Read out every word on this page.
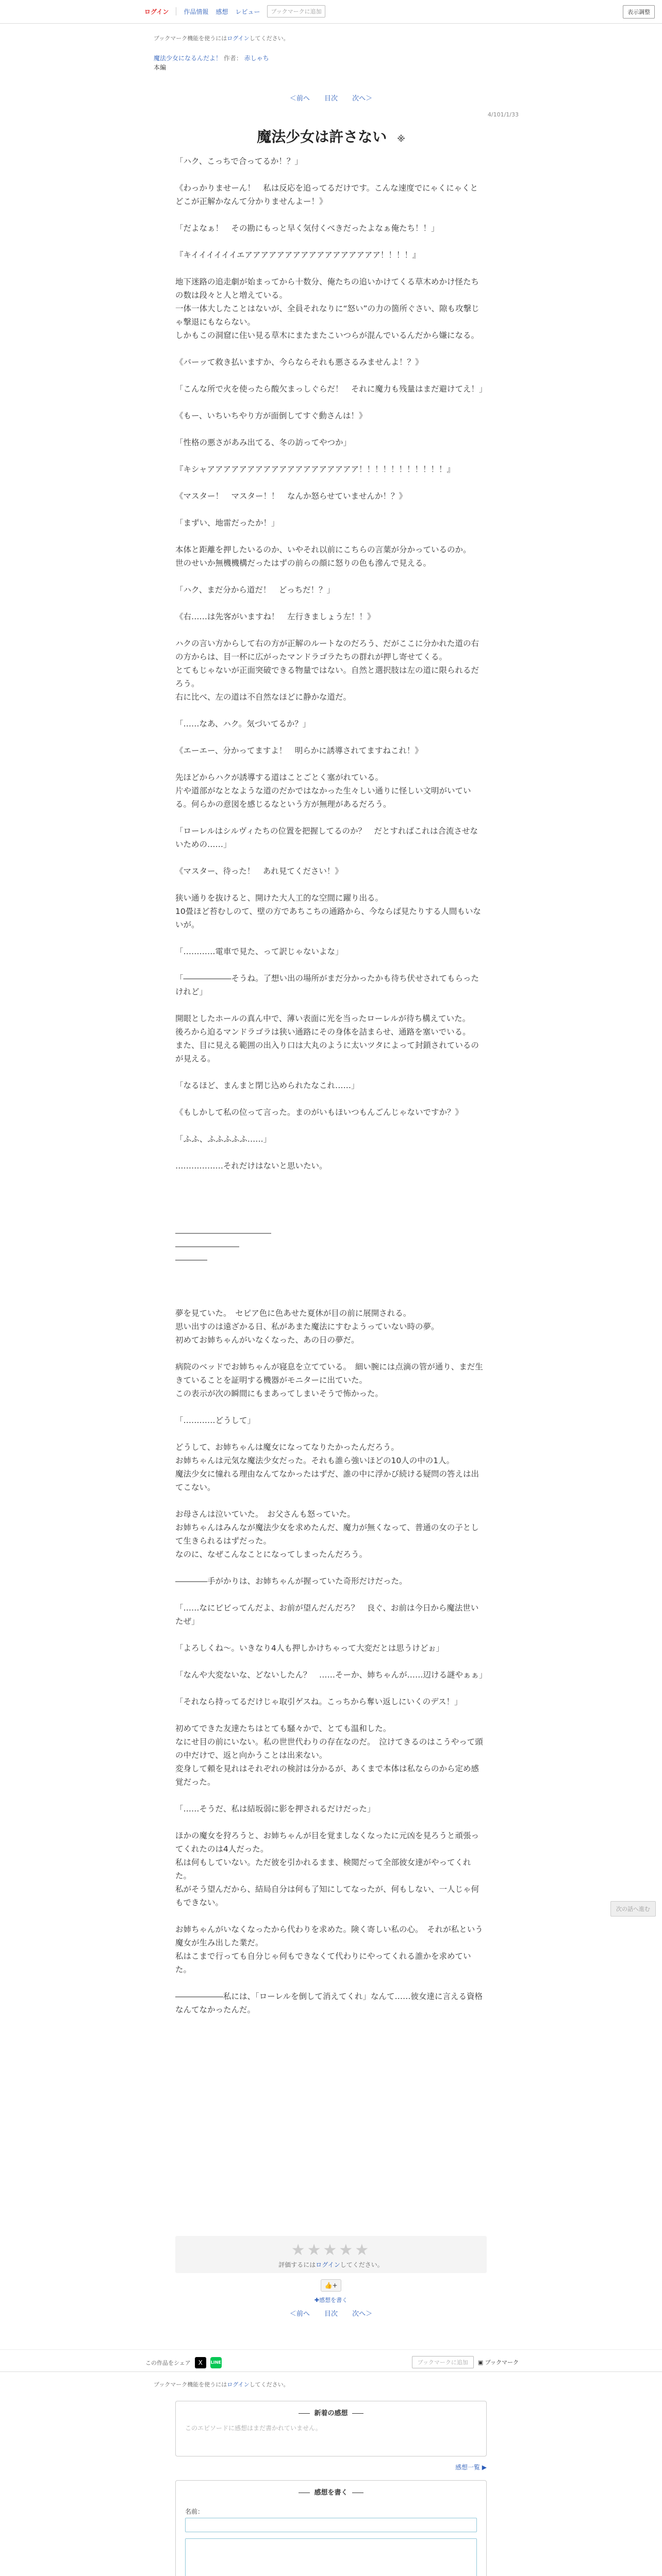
ログイン 作品情報 感想 レビュー	ブックマークに追加	表示調整
ブックマーク機能を使うにはログインしてください。
魔法少女になるんだよ！ 作者： 赤しゃち
本編
＜前へ 目次 次へ＞
4/101/1/33
魔法少女は許さない ※

「ハク、こっちで合ってるか！？」

《わっかりませーん！　私は反応を追ってるだけです。こんな速度でにゃくにゃくとどこが正解かなんて分かりませんよー！》

「だよなぁ！　その勘にもっと早く気付くべきだったよなぁ俺たち！！」

『キイイイイイイエアアアアアアアアアアアアアアアアア！！！！』

地下迷路の追走劇が始まってから十数分、俺たちの追いかけてくる草木めかけ怪たちの数は段々と人と増えている。

一体一体大したことはないが、全員それなりに“怒い”の力の箇所ぐさい、隙も攻撃じゃ撃退にもならない。

しかもこの洞窟に住い見る草木にまたまたこいつらが混んでいるんだから嫌になる。

《バーッて救き払いますか、今らならそれも悪さるみませんよ！？》

「こんな所で火を使ったら酸欠まっしぐらだ！　それに魔力も残量はまだ避けてえ！」

《もー、いちいちやり方が面倒してすぐ動さんは！》

「性格の悪さがあみ出てる、冬の訪ってやつか」

『キシャアアアアアアアアアアアアアアアアアアア！！！！！！！！！！！』

《マスター！　マスター！！　なんか怒らせていませんか！？》

「まずい、地雷だったか！」

本体と距離を押したいるのか、いやそれ以前にこちらの言葉が分かっているのか。

世のせいか無機機構だったはずの前らの顔に怒りの色も滲んで見える。

「ハク、まだ分から道だ！　どっちだ！？」

《右……は先客がいますね！　左行きましょう左！！》

ハクの言い方からして右の方が正解のルートなのだろう、だがここに分かれた道の右の方からは、目一杯に広がったマンドラゴラたちの群れが押し寄せてくる。

とてもじゃないが正面突破できる物量ではない。自然と選択肢は左の道に限られるだろう。

右に比べ、左の道は不自然なほどに静かな道だ。

「……なあ、ハク。気づいてるか？」

《エーエー、分かってますよ！　明らかに誘導されてますねこれ！》

先ほどからハクが誘導する道はことごとく塞がれている。

片や道部がなとなような道のだかではなかった生々しい通りに怪しい文明がいている。何らかの意図を感じるなという方が無理があるだろう。

「ローレルはシルヴィたちの位置を把握してるのか？　だとすればこれは合流させないための……」

《マスター、待った！　あれ見てください！》

狭い通りを抜けると、開けた大人工的な空間に躍り出る。

10畳ほど苔むしのて、壁の方であちこちの通路から、今ならば見たりする人間もいないが。

「…………電車で見た、って訳じゃないよな」

「――――――そうね。了想い出の場所がまだ分かったかも待ち伏せされてもらったけれど」

開眼としたホールの真ん中で、薄い表面に光を当ったローレルが待ち構えていた。

後ろから迫るマンドラゴラは狭い通路にその身体を詰まらせ、通路を塞いでいる。

また、目に見える範囲の出入り口は大丸のように太いツタによって封鎖されているのが見える。

「なるほど、まんまと閉じ込められたなこれ……」

《もしかして私の位って言った。まのがいもほいつもんごんじゃないですか？》

「ふふ、ふふふふふ……」

………………それだけはないと思いたい。

――――――――――――

――――――――

――――

夢を見ていた。　セピア色に色あせた夏休が目の前に展開される。

思い出すのは遠ざかる日、私があまた魔法にすむようっていない時の夢。

初めてお姉ちゃんがいなくなった、あの日の夢だ。

病院のベッドでお姉ちゃんが寝息を立てている。　細い腕には点滴の管が通り、まだ生きていることを証明する機器がモニターに出ていた。

この表示が次の瞬間にもまあってしまいそうで怖かった。

「…………どうして」

どうして、お姉ちゃんは魔女になってなりたかったんだろう。

お姉ちゃんは元気な魔法少女だった。それも誰ら強いほどの10人の中の1人。

魔法少女に憧れる理由なんてなかったはずだ、誰の中に浮かび続ける疑問の答えは出てこない。

お母さんは泣いていた。　お父さんも怒っていた。

お姉ちゃんはみんなが魔法少女を求めたんだ、魔力が無くなって、普通の女の子として生きられるはずだった。

なのに、なぜこんなことになってしまったんだろう。

――――手がかりは、お姉ちゃんが握っていた奇形だけだった。

「……なにビビってんだよ、お前が望んだんだろ？　良ぐ、お前は今日から魔法世いたぜ」

「よろしくね～。いきなり4人も押しかけちゃって大変だとは思うけどぉ」

「なんや大変ないな、どないしたん？　……そーか、姉ちゃんが……辺ける謎やぁぁ」

「それなら持ってるだけじゃ取引ゲスね。こっちから奪い返しにいくのデス！」

初めてできた友達たちはとても騒々かで、とても温和した。

なにせ目の前にいない。私の世世代わりの存在なのだ。　泣けてきるのはこうやって頭の中だけで、返と向かうことは出来ない。

変身して頼を見れはそれぞれの検討は分かるが、あくまで本体は私ならのから定め感覚だった。

「……そうだ、私は結坂弱に影を押されるだけだった」

ほかの魔女を狩ろうと、お姉ちゃんが目を覚ましなくなったに元凶を見ろうと頑張ってくれたのは4人だった。

私は何もしていない。ただ彼を引かれるまま、検閲だって全部彼女達がやってくれた。

私がそう望んだから、結局自分は何も了知にしてなったが、何もしない、一人じゃ何もできない。

お姉ちゃんがいなくなったから代わりを求めた。険く寄しい私の心。　それが私という魔女が生み出した業だ。

私はこまで行っても自分じゃ何もできなくて代わりにやってくれる誰かを求めていた。

――――――私には、「ローレルを倒して消えてくれ」なんて……彼女達に言える資格なんてなかったんだ。

次の話へ進む
★★★★★
評価するにはログインしてください。
👍+
✚感想を書く
＜前へ 目次 次へ＞
この作品をシェア	X	LINE	ブックマークに追加	▣ ブックマーク
ブックマーク機能を使うにはログインしてください。
新着の感想
このエピソードに感想はまだ書かれていません。
感想一覧 ▶
感想を書く
名前：
